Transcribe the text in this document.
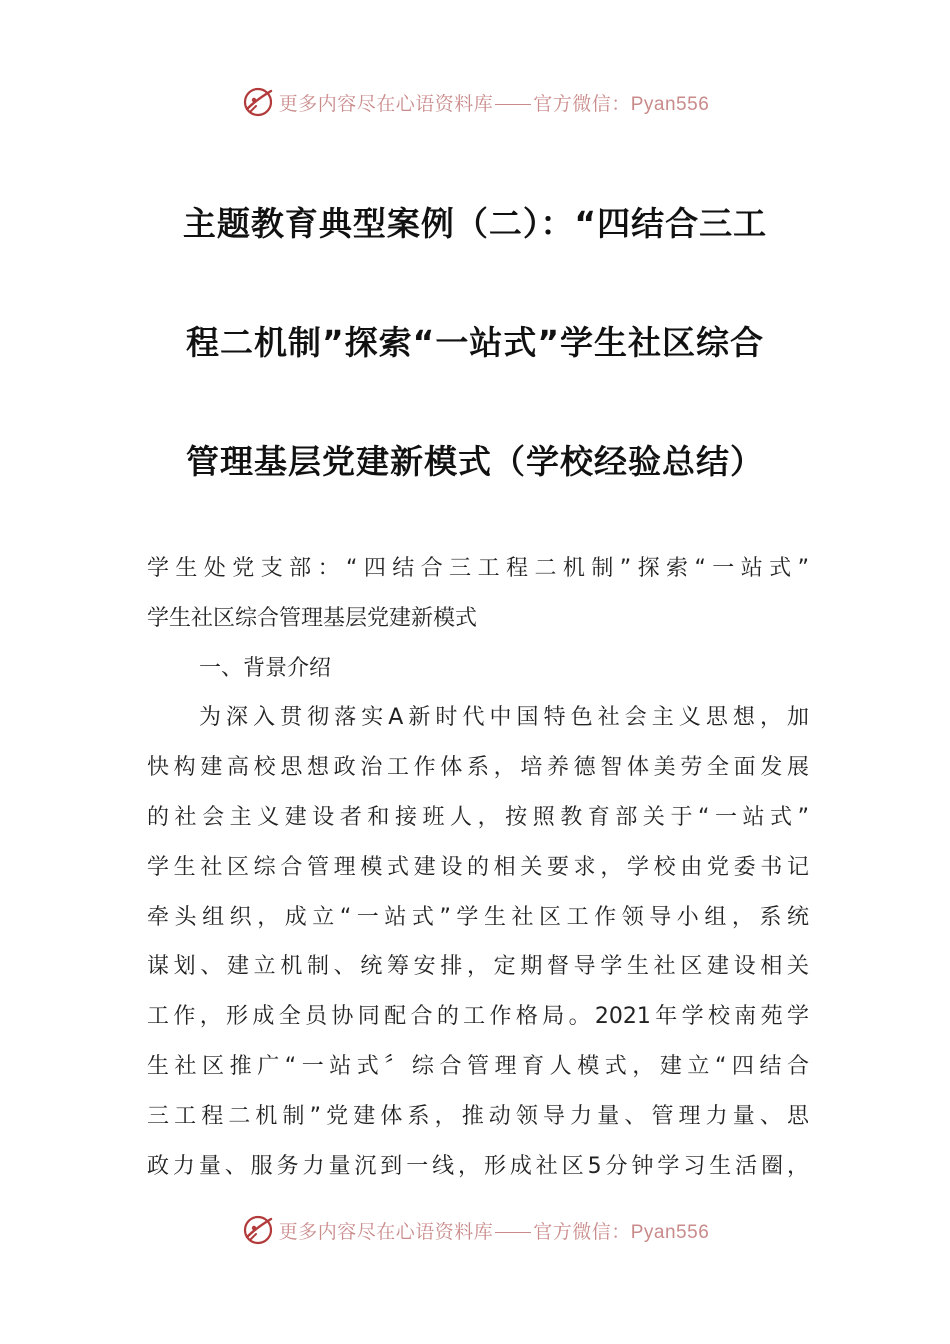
更多内容尽在心语资料库 官方微信：Pyan556
主题教育典型案例（二）：“四结合三工
程二机制”探索“一站式”学生社区综合
管理基层党建新模式（学校经验总结）
学生处党支部：“四结合三工程二机制”探索“一站式”
学生社区综合管理基层党建新模式
一、背景介绍
为深入贯彻落实A新时代中国特色社会主义思想，加
快构建高校思想政治工作体系，培养德智体美劳全面发展
的社会主义建设者和接班人，按照教育部关于“一站式”
学生社区综合管理模式建设的相关要求，学校由党委书记
牵头组织，成立“一站式”学生社区工作领导小组，系统
谋划、建立机制、统筹安排，定期督导学生社区建设相关
工作，形成全员协同配合的工作格局。2021年学校南苑学
生社区推广“一站式〞综合管理育人模式，建立“四结合
三工程二机制”党建体系，推动领导力量、管理力量、思
政力量、服务力量沉到一线，形成社区5分钟学习生活圈，
更多内容尽在心语资料库 官方微信：Pyan556
